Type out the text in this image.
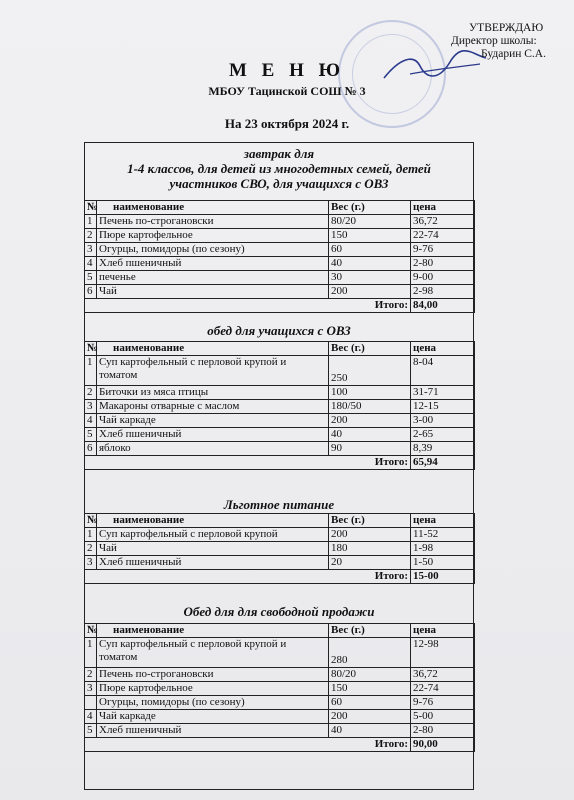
УТВЕРЖДАЮ
Директор школы:
Бударин С.А.
М Е Н Ю
МБОУ Тацинской СОШ № 3
На 23 октября 2024 г.
завтрак для
1-4 классов, для детей из многодетных семей, детей
участников СВО, для учащихся с ОВЗ
№	наименование	Вес (г.)	цена
1	Печень по-строгановски	80/20	36,72
2	Пюре картофельное	150	22-74
3	Огурцы, помидоры (по сезону)	60	9-76
4	Хлеб пшеничный	40	2-80
5	печенье	30	9-00
6	Чай	200	2-98
Итого:			84,00
обед для учащихся с ОВЗ
№	наименование	Вес (г.)	цена
1	Суп картофельный с перловой крупой и томатом	250	8-04
2	Биточки из мяса птицы	100	31-71
3	Макароны отварные с маслом	180/50	12-15
4	Чай каркаде	200	3-00
5	Хлеб пшеничный	40	2-65
6	яблоко	90	8,39
Итого:			65,94
Льготное питание
№	наименование	Вес (г.)	цена
1	Суп картофельный с перловой крупой	200	11-52
2	Чай	180	1-98
3	Хлеб пшеничный	20	1-50
Итого:			15-00
Обед для для свободной продажи
№	наименование	Вес (г.)	цена
1	Суп картофельный с перловой крупой и томатом	280	12-98
2	Печень по-строгановски	80/20	36,72
3	Пюре картофельное	150	22-74
	Огурцы, помидоры (по сезону)	60	9-76
4	Чай каркаде	200	5-00
5	Хлеб пшеничный	40	2-80
Итого:			90,00
